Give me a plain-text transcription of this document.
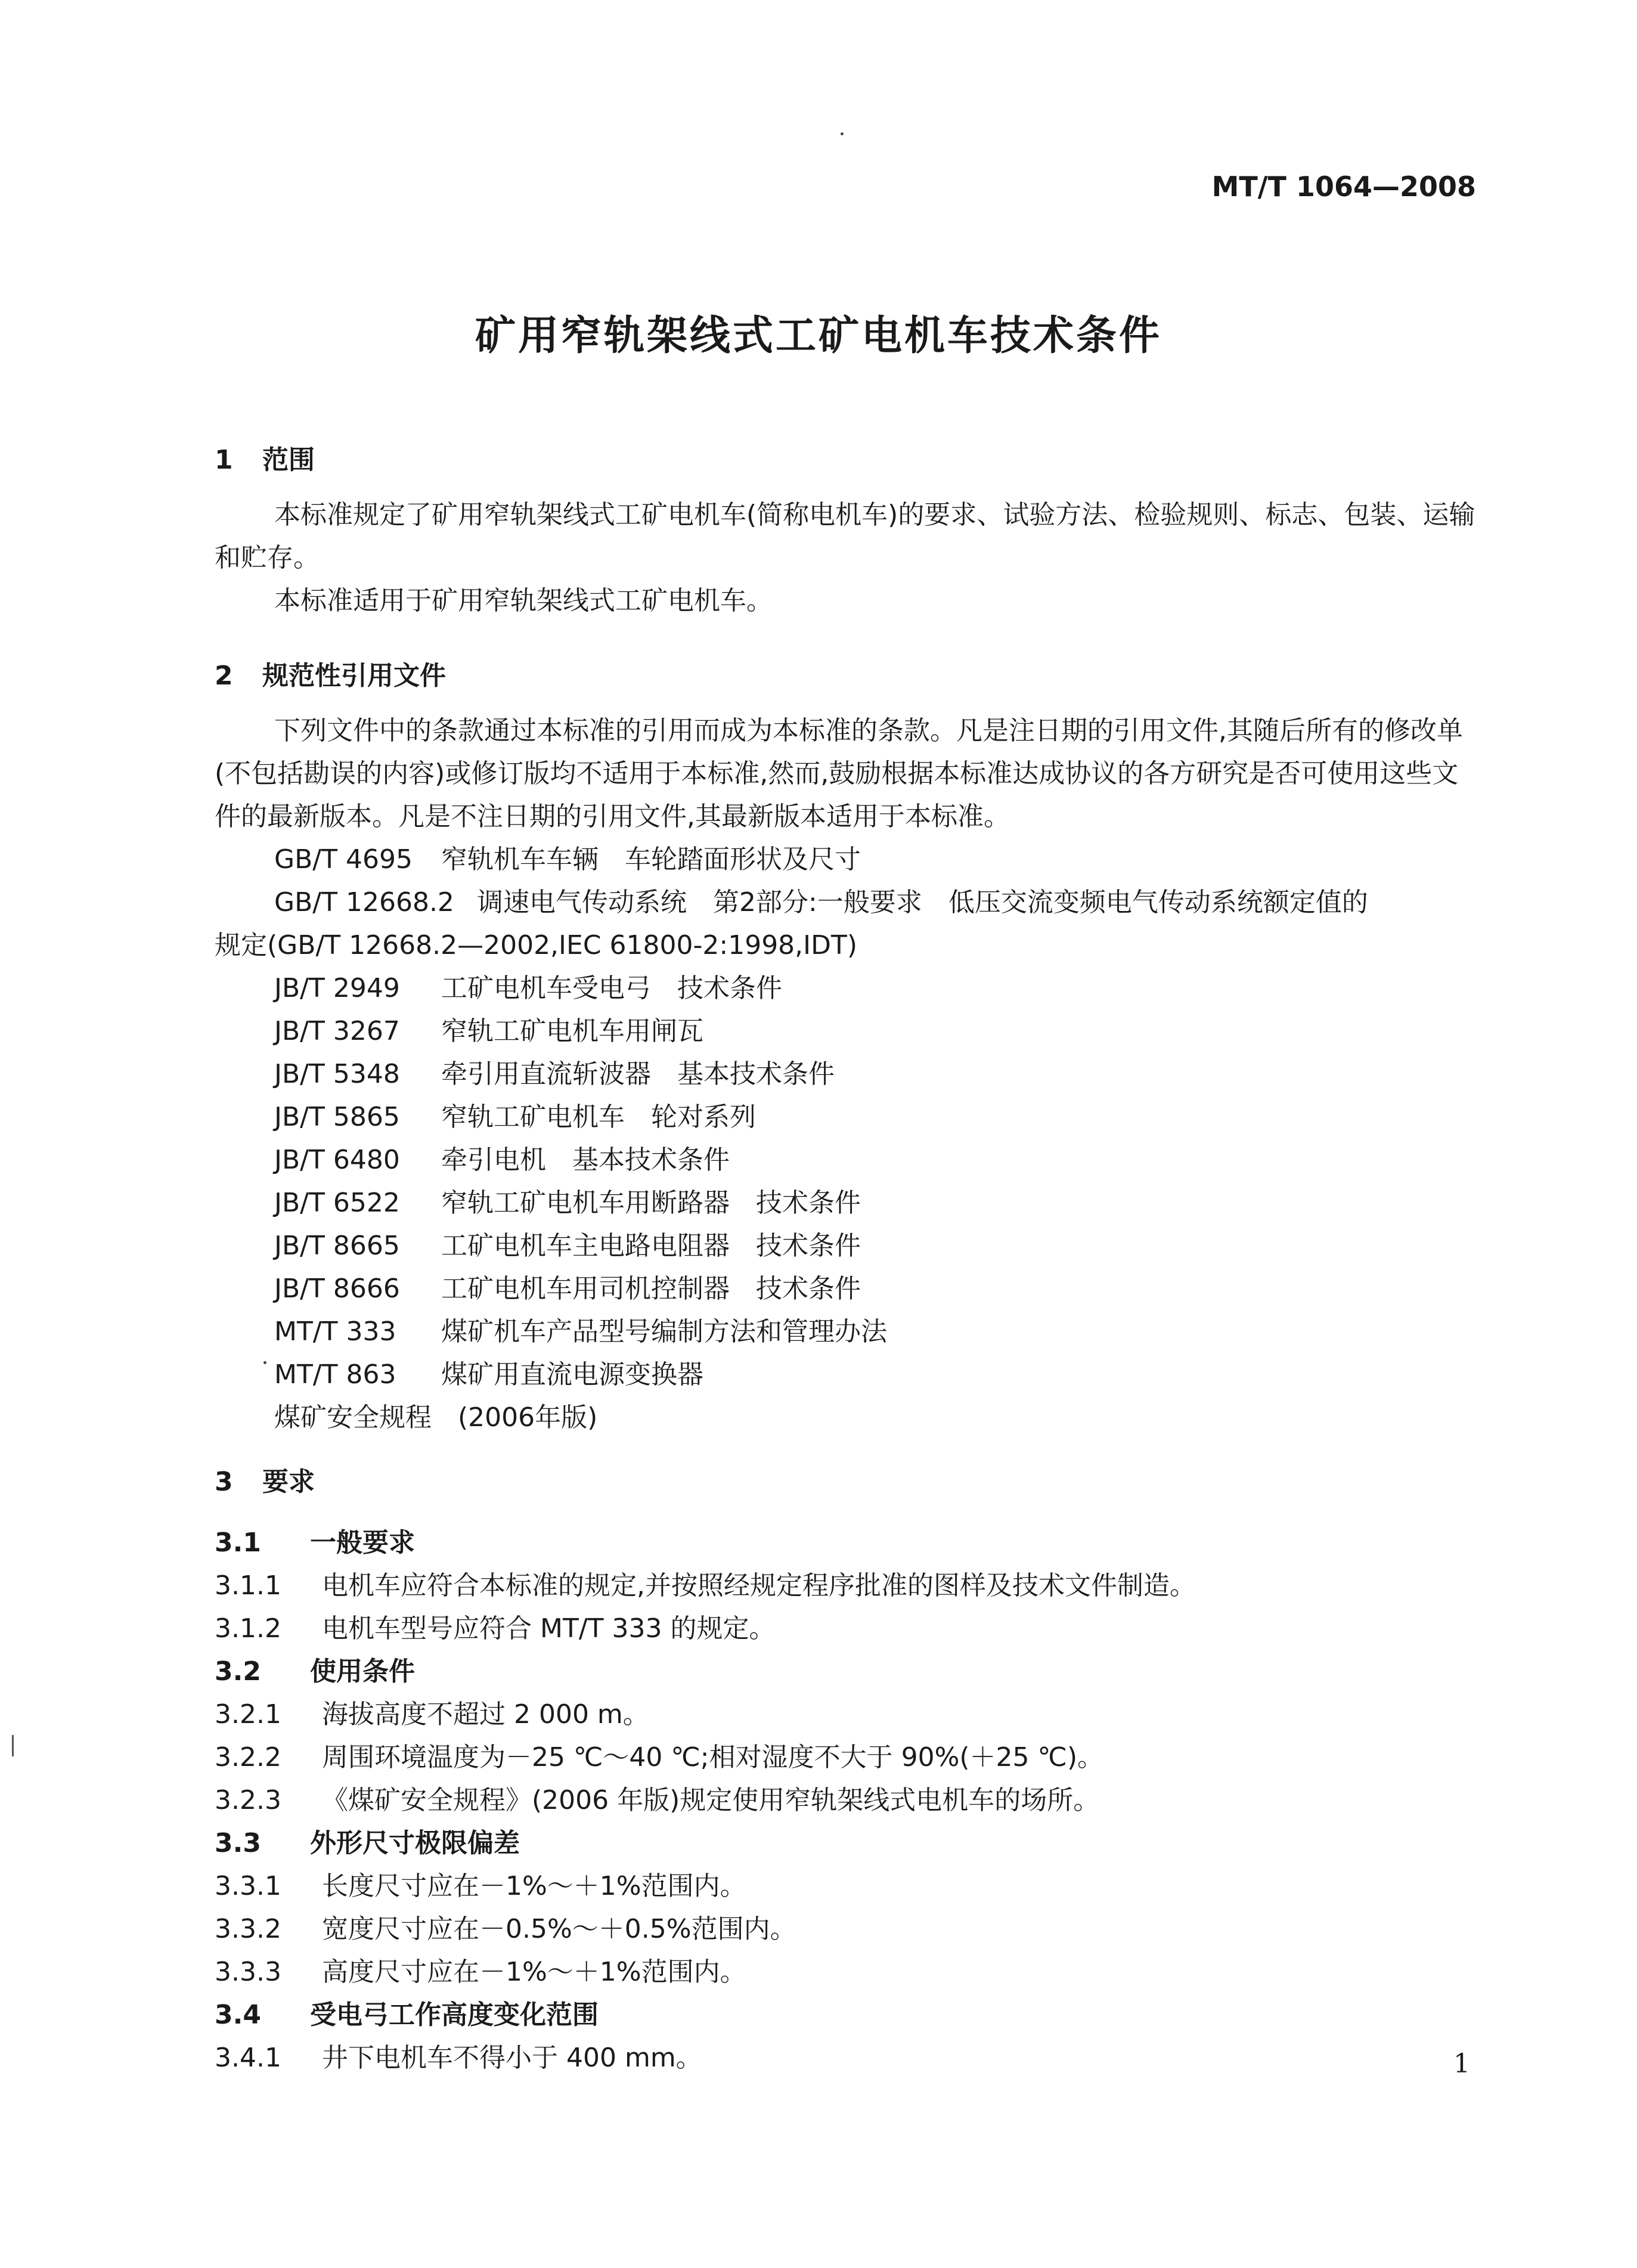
MT/T 1064—2008
矿用窄轨架线式工矿电机车技术条件
1 范围
本标准规定了矿用窄轨架线式工矿电机车(简称电机车)的要求、试验方法、检验规则、标志、包装、运输和贮存。
本标准适用于矿用窄轨架线式工矿电机车。
2 规范性引用文件
下列文件中的条款通过本标准的引用而成为本标准的条款。凡是注日期的引用文件,其随后所有的修改单(不包括勘误的内容)或修订版均不适用于本标准,然而,鼓励根据本标准达成协议的各方研究是否可使用这些文件的最新版本。凡是不注日期的引用文件,其最新版本适用于本标准。
GB/T 4695 窄轨机车车辆　车轮踏面形状及尺寸
GB/T 12668.2 调速电气传动系统　第2部分:一般要求　低压交流变频电气传动系统额定值的
规定(GB/T 12668.2—2002,IEC 61800-2:1998,IDT)
JB/T 2949 工矿电机车受电弓　技术条件
JB/T 3267 窄轨工矿电机车用闸瓦
JB/T 5348 牵引用直流斩波器　基本技术条件
JB/T 5865 窄轨工矿电机车　轮对系列
JB/T 6480 牵引电机　基本技术条件
JB/T 6522 窄轨工矿电机车用断路器　技术条件
JB/T 8665 工矿电机车主电路电阻器　技术条件
JB/T 8666 工矿电机车用司机控制器　技术条件
MT/T 333 煤矿机车产品型号编制方法和管理办法
MT/T 863 煤矿用直流电源变换器
煤矿安全规程　(2006年版)
3 要求
3.1 一般要求
3.1.1 电机车应符合本标准的规定,并按照经规定程序批准的图样及技术文件制造。
3.1.2 电机车型号应符合 MT/T 333 的规定。
3.2 使用条件
3.2.1 海拔高度不超过 2 000 m。
3.2.2 周围环境温度为－25 ℃～40 ℃;相对湿度不大于 90%(＋25 ℃)。
3.2.3 《煤矿安全规程》(2006 年版)规定使用窄轨架线式电机车的场所。
3.3 外形尺寸极限偏差
3.3.1 长度尺寸应在－1%～＋1%范围内。
3.3.2 宽度尺寸应在－0.5%～＋0.5%范围内。
3.3.3 高度尺寸应在－1%～＋1%范围内。
3.4 受电弓工作高度变化范围
3.4.1 井下电机车不得小于 400 mm。	1
